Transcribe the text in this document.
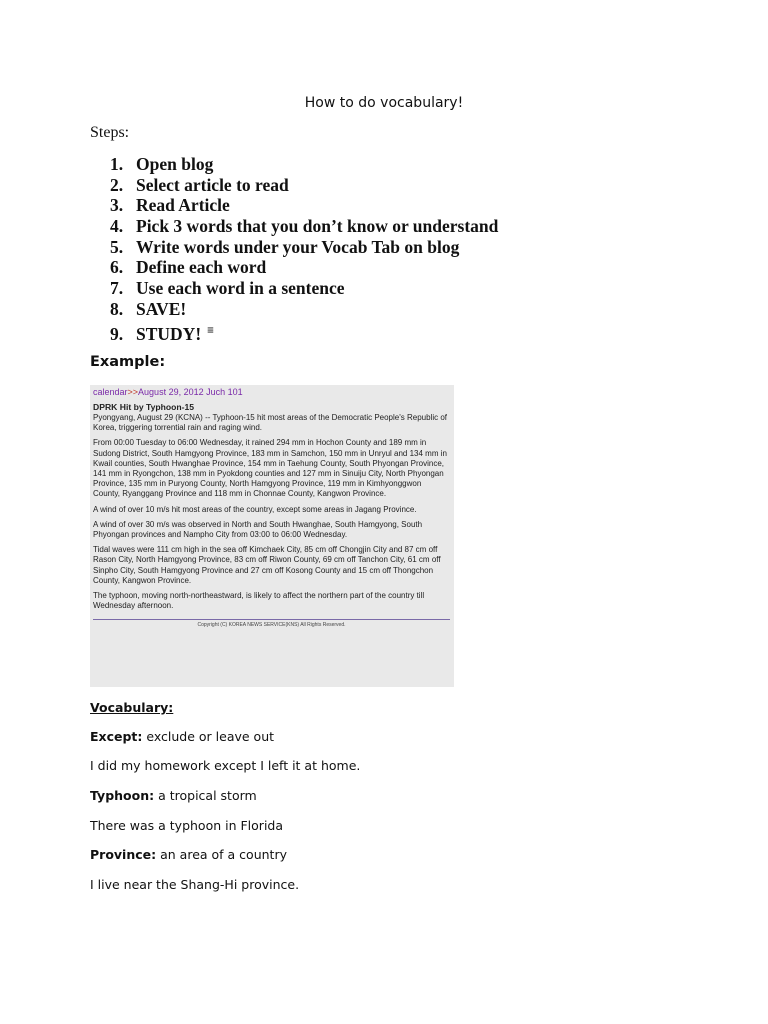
How to do vocabulary!
Steps:
1. Open blog
2. Select article to read
3. Read Article
4. Pick 3 words that you don’t know or understand
5. Write words under your Vocab Tab on blog
6. Define each word
7. Use each word in a sentence
8. SAVE!
9. STUDY! ≡
Example:
calendar>>August 29, 2012 Juch 101
DPRK Hit by Typhoon-15

Pyongyang, August 29 (KCNA) -- Typhoon-15 hit most areas of the Democratic People's Republic of Korea, triggering torrential rain and raging wind.

From 00:00 Tuesday to 06:00 Wednesday, it rained 294 mm in Hochon County and 189 mm in Sudong District, South Hamgyong Province, 183 mm in Samchon, 150 mm in Unryul and 134 mm in Kwail counties, South Hwanghae Province, 154 mm in Taehung County, South Phyongan Province, 141 mm in Ryongchon, 138 mm in Pyokdong counties and 127 mm in Sinuiju City, North Phyongan Province, 135 mm in Puryong County, North Hamgyong Province, 119 mm in Kimhyonggwon County, Ryanggang Province and 118 mm in Chonnae County, Kangwon Province.

A wind of over 10 m/s hit most areas of the country, except some areas in Jagang Province.

A wind of over 30 m/s was observed in North and South Hwanghae, South Hamgyong, South Phyongan provinces and Nampho City from 03:00 to 06:00 Wednesday.

Tidal waves were 111 cm high in the sea off Kimchaek City, 85 cm off Chongjin City and 87 cm off Rason City, North Hamgyong Province, 83 cm off Riwon County, 69 cm off Tanchon City, 61 cm off Sinpho City, South Hamgyong Province and 27 cm off Kosong County and 15 cm off Thongchon County, Kangwon Province.

The typhoon, moving north-northeastward, is likely to affect the northern part of the country till Wednesday afternoon.

Copyright (C) KOREA NEWS SERVICE(KNS) All Rights Reserved.
Vocabulary:
Except: exclude or leave out
I did my homework except I left it at home.
Typhoon: a tropical storm
There was a typhoon in Florida
Province: an area of a country
I live near the Shang-Hi province.
